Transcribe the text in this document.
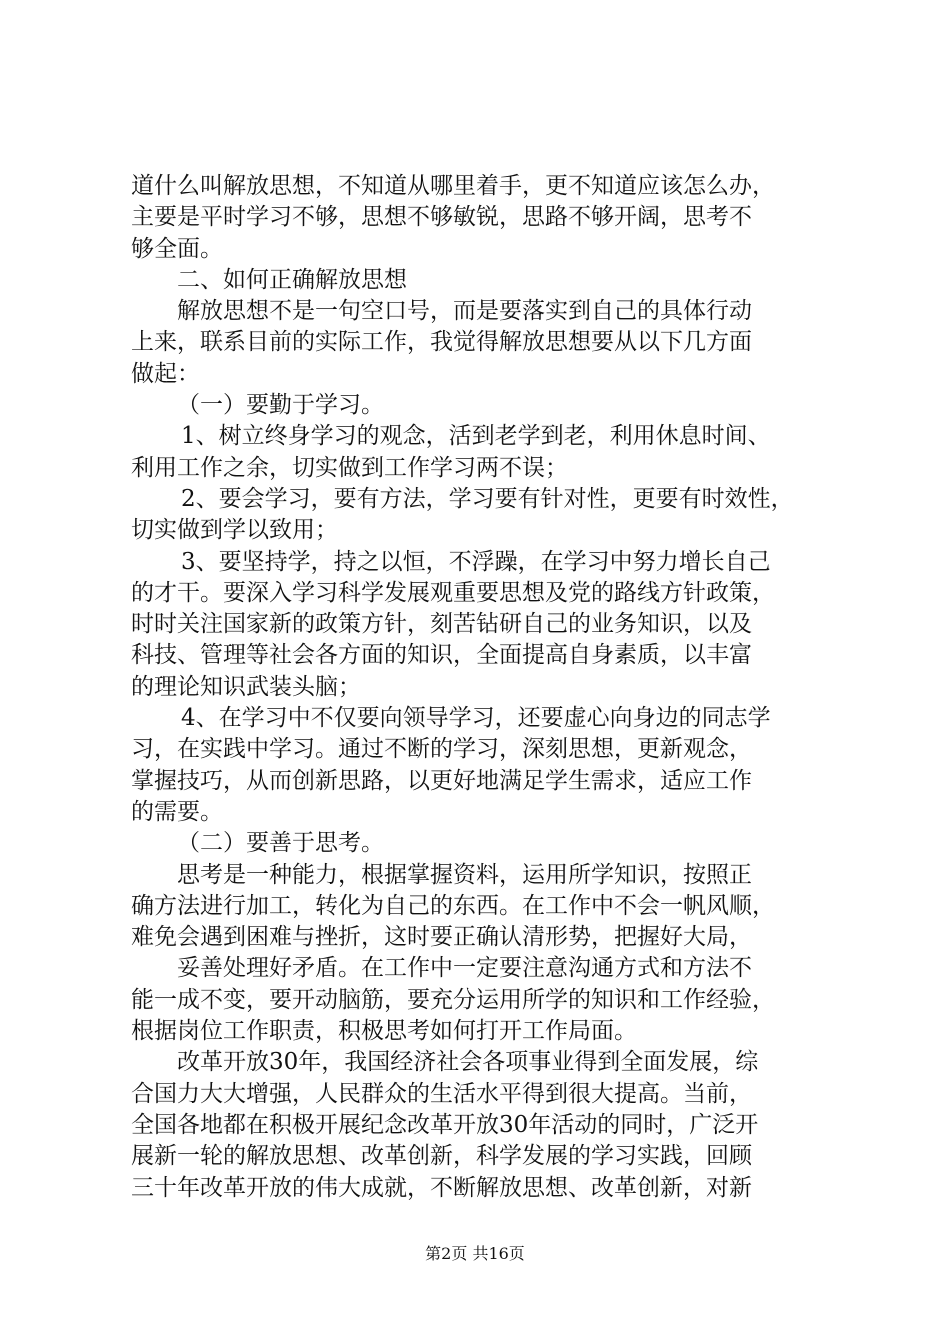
道什么叫解放思想，不知道从哪里着手，更不知道应该怎么办，
主要是平时学习不够，思想不够敏锐，思路不够开阔，思考不
够全面。
二、如何正确解放思想
解放思想不是一句空口号，而是要落实到自己的具体行动
上来，联系目前的实际工作，我觉得解放思想要从以下几方面
做起：
（一）要勤于学习。
1、树立终身学习的观念，活到老学到老，利用休息时间、
利用工作之余，切实做到工作学习两不误；
2、要会学习，要有方法，学习要有针对性，更要有时效性，
切实做到学以致用；
3、要坚持学，持之以恒，不浮躁，在学习中努力增长自己
的才干。要深入学习科学发展观重要思想及党的路线方针政策，
时时关注国家新的政策方针，刻苦钻研自己的业务知识，以及
科技、管理等社会各方面的知识，全面提高自身素质，以丰富
的理论知识武装头脑；
4、在学习中不仅要向领导学习，还要虚心向身边的同志学
习，在实践中学习。通过不断的学习，深刻思想，更新观念，
掌握技巧，从而创新思路，以更好地满足学生需求，适应工作
的需要。
（二）要善于思考。
思考是一种能力，根据掌握资料，运用所学知识，按照正
确方法进行加工，转化为自己的东西。在工作中不会一帆风顺，
难免会遇到困难与挫折，这时要正确认清形势，把握好大局，
妥善处理好矛盾。在工作中一定要注意沟通方式和方法不
能一成不变，要开动脑筋，要充分运用所学的知识和工作经验，
根据岗位工作职责，积极思考如何打开工作局面。
改革开放30年，我国经济社会各项事业得到全面发展，综
合国力大大增强，人民群众的生活水平得到很大提高。当前，
全国各地都在积极开展纪念改革开放30年活动的同时，广泛开
展新一轮的解放思想、改革创新，科学发展的学习实践，回顾
三十年改革开放的伟大成就，不断解放思想、改革创新，对新
第2页 共16页
